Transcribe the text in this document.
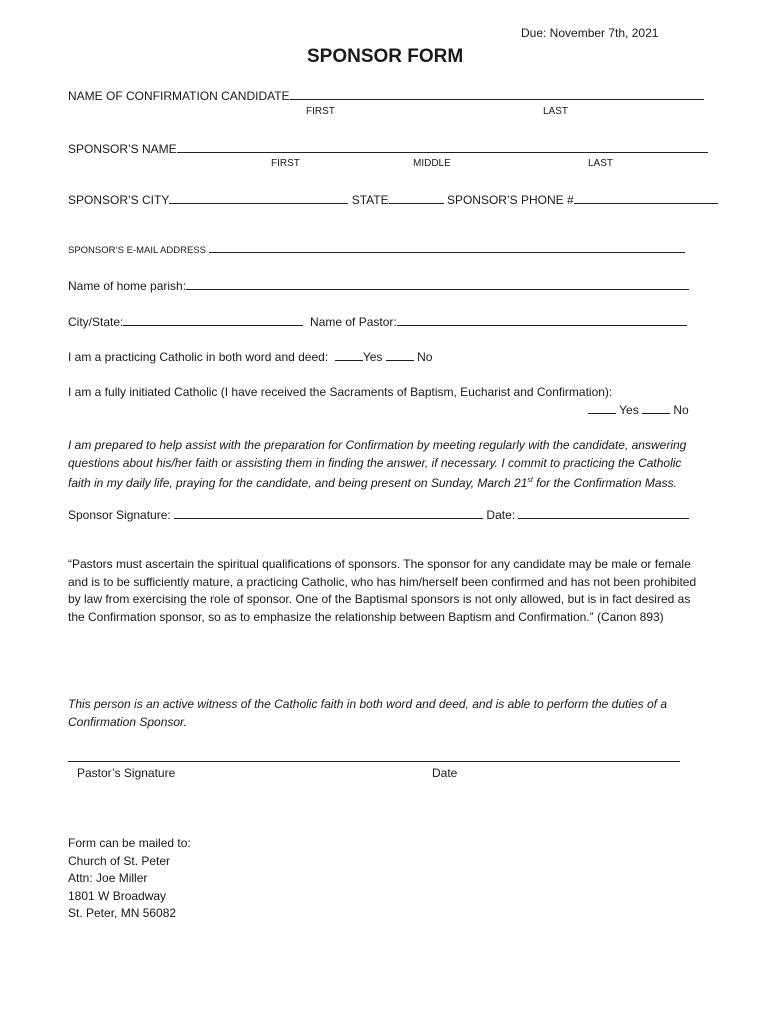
Due: November 7th, 2021
SPONSOR FORM
NAME OF CONFIRMATION CANDIDATE
FIRST	LAST
SPONSOR’S NAME
FIRST	MIDDLE	LAST
SPONSOR’S CITY	STATE	SPONSOR’S PHONE #
SPONSOR’S E-MAIL ADDRESS
Name of home parish:
City/State:	Name of Pastor:
I am a practicing Catholic in both word and deed:	Yes	No
I am a fully initiated Catholic (I have received the Sacraments of Baptism, Eucharist and Confirmation):
Yes	No
I am prepared to help assist with the preparation for Confirmation by meeting regularly with the candidate, answering questions about his/her faith or assisting them in finding the answer, if necessary. I commit to practicing the Catholic faith in my daily life, praying for the candidate, and being present on Sunday, March 21st for the Confirmation Mass.
Sponsor Signature:	Date:
“Pastors must ascertain the spiritual qualifications of sponsors. The sponsor for any candidate may be male or female and is to be sufficiently mature, a practicing Catholic, who has him/herself been confirmed and has not been prohibited by law from exercising the role of sponsor. One of the Baptismal sponsors is not only allowed, but is in fact desired as the Confirmation sponsor, so as to emphasize the relationship between Baptism and Confirmation.” (Canon 893)
This person is an active witness of the Catholic faith in both word and deed, and is able to perform the duties of a Confirmation Sponsor.
Pastor’s Signature	Date
Form can be mailed to:
Church of St. Peter
Attn: Joe Miller
1801 W Broadway
St. Peter, MN 56082
